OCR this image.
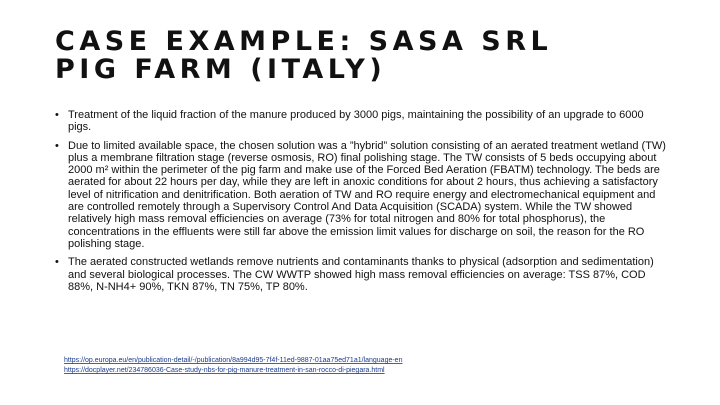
CASE EXAMPLE: SASA SRL
PIG FARM (ITALY)
• Treatment of the liquid fraction of the manure produced by 3000 pigs, maintaining the possibility of an upgrade to 6000 pigs.
• Due to limited available space, the chosen solution was a ”hybrid” solution consisting of an aerated treatment wetland (TW) plus a membrane filtration stage (reverse osmosis, RO) final polishing stage. The TW consists of 5 beds occupying about 2000 m² within the perimeter of the pig farm and make use of the Forced Bed Aeration (FBATM) technology. The beds are aerated for about 22 hours per day, while they are left in anoxic conditions for about 2 hours, thus achieving a satisfactory level of nitrification and denitrification. Both aeration of TW and RO require energy and electromechanical equipment and are controlled remotely through a Supervisory Control And Data Acquisition (SCADA) system. While the TW showed relatively high mass removal efficiencies on average (73% for total nitrogen and 80% for total phosphorus), the concentrations in the effluents were still far above the emission limit values for discharge on soil, the reason for the RO polishing stage.
• The aerated constructed wetlands remove nutrients and contaminants thanks to physical (adsorption and sedimentation) and several biological processes. The CW WWTP showed high mass removal efficiencies on average: TSS 87%, COD 88%, N-NH4+ 90%, TKN 87%, TN 75%, TP 80%.
https://op.europa.eu/en/publication-detail/-/publication/8a994d95-7f4f-11ed-9887-01aa75ed71a1/language-en
https://docplayer.net/234786036-Case-study-nbs-for-pig-manure-treatment-in-san-rocco-di-piegara.html
